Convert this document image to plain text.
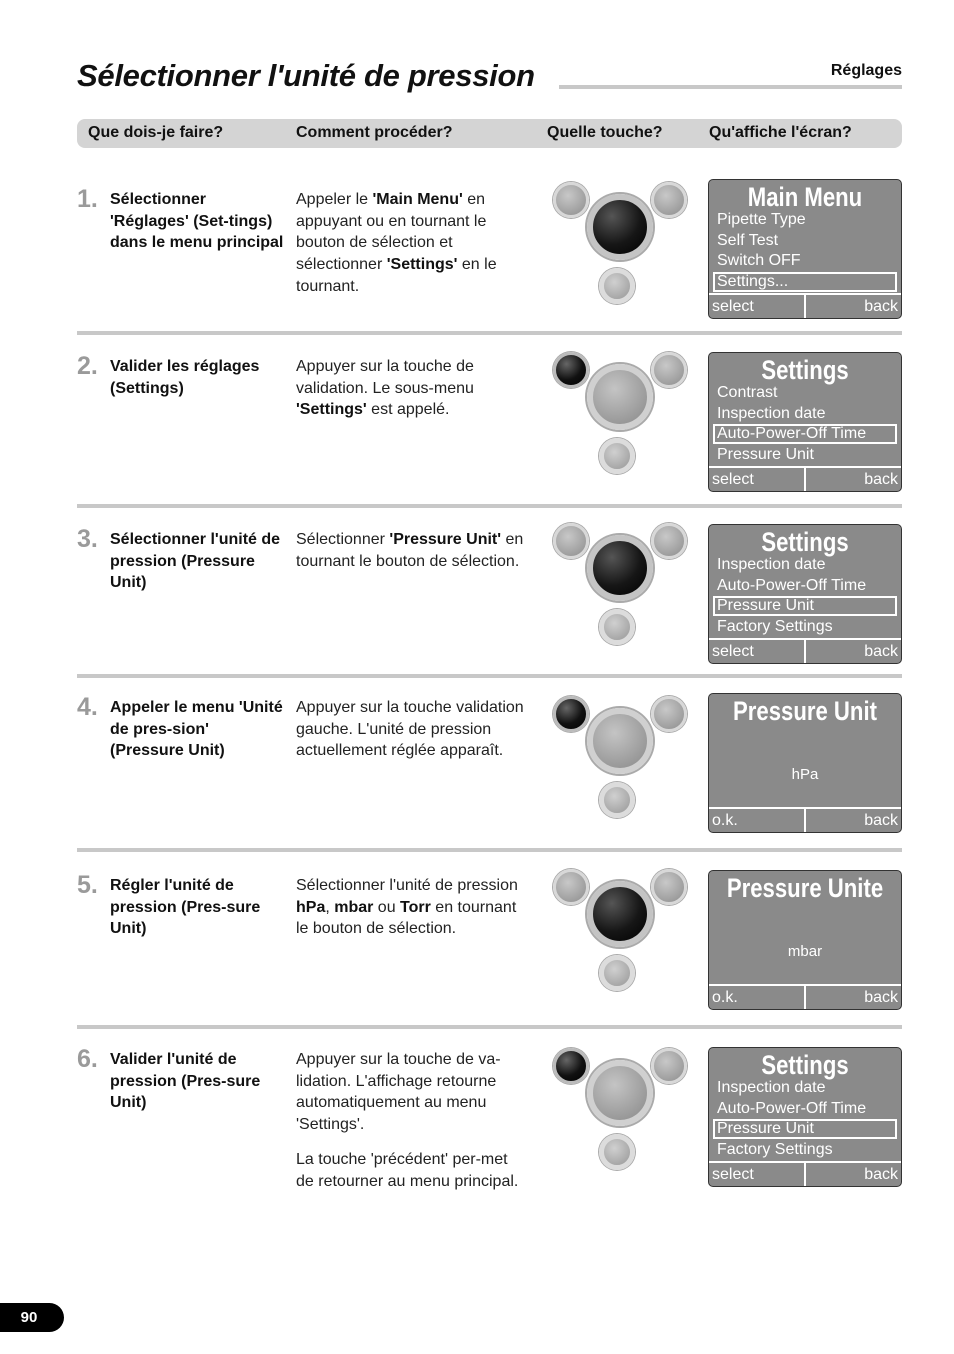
Sélectionner l'unité de pression	Réglages
Que dois-je faire?	Comment procéder?	Quelle touche?	Qu'affiche l'écran?
1. Sélectionner 'Réglages' (Set-tings) dans le menu principal
Appeler le 'Main Menu' en appuyant ou en tournant le bouton de sélection et sélectionner 'Settings' en le tournant.
Main Menu
Pipette Type
Self Test
Switch OFF
Settings...
select	back
2. Valider les réglages (Settings)
Appuyer sur la touche de validation. Le sous-menu 'Settings' est appelé.
Settings
Contrast
Inspection date
Auto-Power-Off Time
Pressure Unit
select	back
3. Sélectionner l'unité de pression (Pressure Unit)
Sélectionner 'Pressure Unit' en tournant le bouton de sélection.
Settings
Inspection date
Auto-Power-Off Time
Pressure Unit
Factory Settings
select	back
4. Appeler le menu 'Unité de pres-sion' (Pressure Unit)
Appuyer sur la touche validation gauche. L'unité de pression actuellement réglée apparaît.
Pressure Unit
hPa
o.k.	back
5. Régler l'unité de pression (Pres-sure Unit)
Sélectionner l'unité de pression hPa, mbar ou Torr en tournant le bouton de sélection.
Pressure Unite
mbar
o.k.	back
6. Valider l'unité de pression (Pres-sure Unit)

Appuyer sur la touche de va-lidation. L'affichage retourne automatiquement au menu 'Settings'.

La touche 'précédent' per-met de retourner au menu principal.

Settings
Inspection date
Auto-Power-Off Time
Pressure Unit
Factory Settings
select	back
90
